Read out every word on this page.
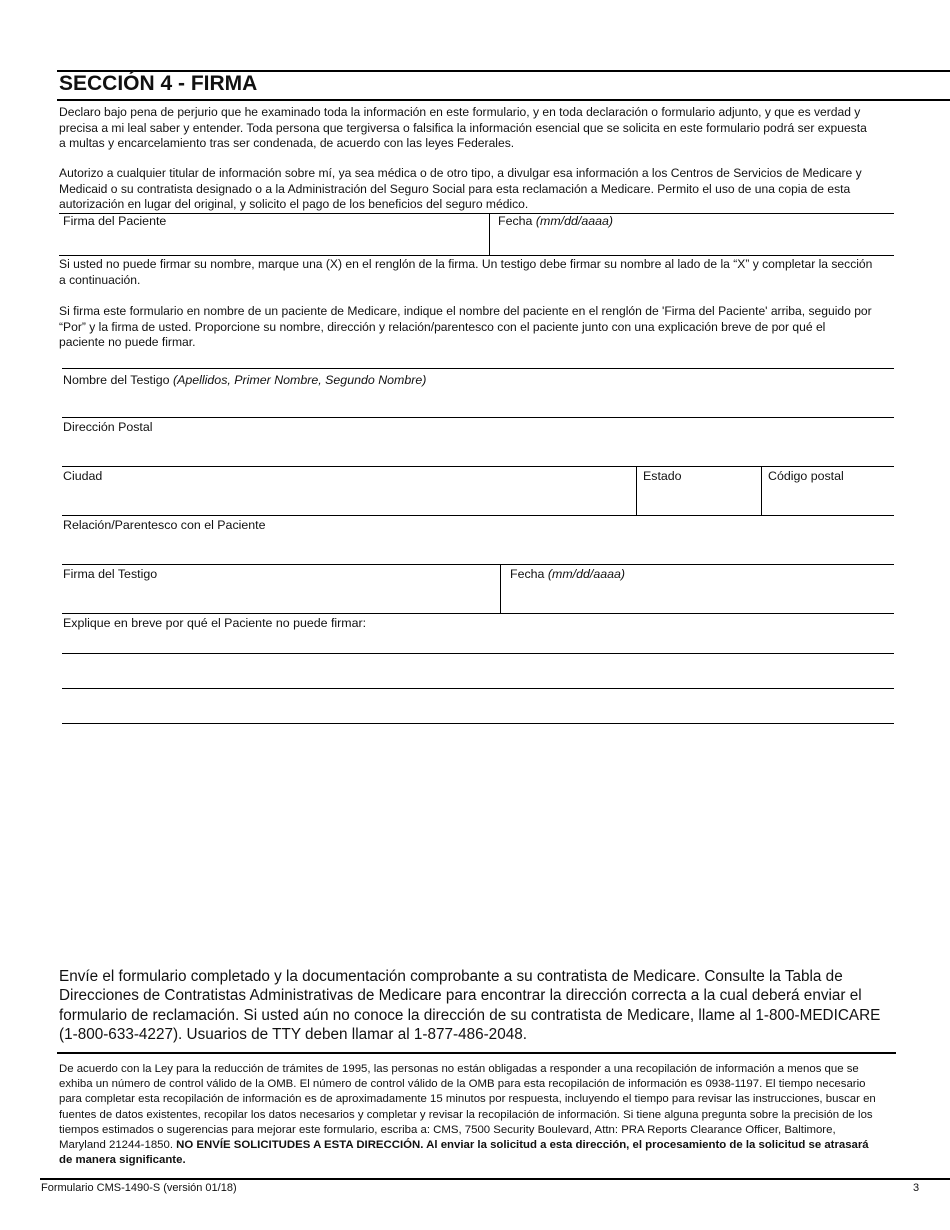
SECCIÓN 4 - FIRMA

Declaro bajo pena de perjurio que he examinado toda la información en este formulario, y en toda declaración o formulario adjunto, y que es verdad y precisa a mi leal saber y entender. Toda persona que tergiversa o falsifica la información esencial que se solicita en este formulario podrá ser expuesta a multas y encarcelamiento tras ser condenada, de acuerdo con las leyes Federales.

Autorizo a cualquier titular de información sobre mí, ya sea médica o de otro tipo, a divulgar esa información a los Centros de Servicios de Medicare y Medicaid o su contratista designado o a la Administración del Seguro Social para esta reclamación a Medicare. Permito el uso de una copia de esta autorización en lugar del original, y solicito el pago de los beneficios del seguro médico.

Firma del Paciente	Fecha (mm/dd/aaaa)

Si usted no puede firmar su nombre, marque una (X) en el renglón de la firma. Un testigo debe firmar su nombre al lado de la “X” y completar la sección a continuación.

Si firma este formulario en nombre de un paciente de Medicare, indique el nombre del paciente en el renglón de 'Firma del Paciente' arriba, seguido por “Por” y la firma de usted. Proporcione su nombre, dirección y relación/parentesco con el paciente junto con una explicación breve de por qué el paciente no puede firmar.

Nombre del Testigo (Apellidos, Primer Nombre, Segundo Nombre)
Dirección Postal
Ciudad	Estado	Código postal
Relación/Parentesco con el Paciente
Firma del Testigo	Fecha (mm/dd/aaaa)
Explique en breve por qué el Paciente no puede firmar:

Envíe el formulario completado y la documentación comprobante a su contratista de Medicare. Consulte la Tabla de Direcciones de Contratistas Administrativas de Medicare para encontrar la dirección correcta a la cual deberá enviar el formulario de reclamación. Si usted aún no conoce la dirección de su contratista de Medicare, llame al 1-800-MEDICARE (1-800-633-4227). Usuarios de TTY deben llamar al 1-877-486-2048.

De acuerdo con la Ley para la reducción de trámites de 1995, las personas no están obligadas a responder a una recopilación de información a menos que se exhiba un número de control válido de la OMB. El número de control válido de la OMB para esta recopilación de información es 0938-1197. El tiempo necesario para completar esta recopilación de información es de aproximadamente 15 minutos por respuesta, incluyendo el tiempo para revisar las instrucciones, buscar en fuentes de datos existentes, recopilar los datos necesarios y completar y revisar la recopilación de información. Si tiene alguna pregunta sobre la precisión de los tiempos estimados o sugerencias para mejorar este formulario, escriba a: CMS, 7500 Security Boulevard, Attn: PRA Reports Clearance Officer, Baltimore, Maryland 21244-1850. NO ENVÍE SOLICITUDES A ESTA DIRECCIÓN. Al enviar la solicitud a esta dirección, el procesamiento de la solicitud se atrasará de manera significante.

Formulario CMS-1490-S (versión 01/18)	3
